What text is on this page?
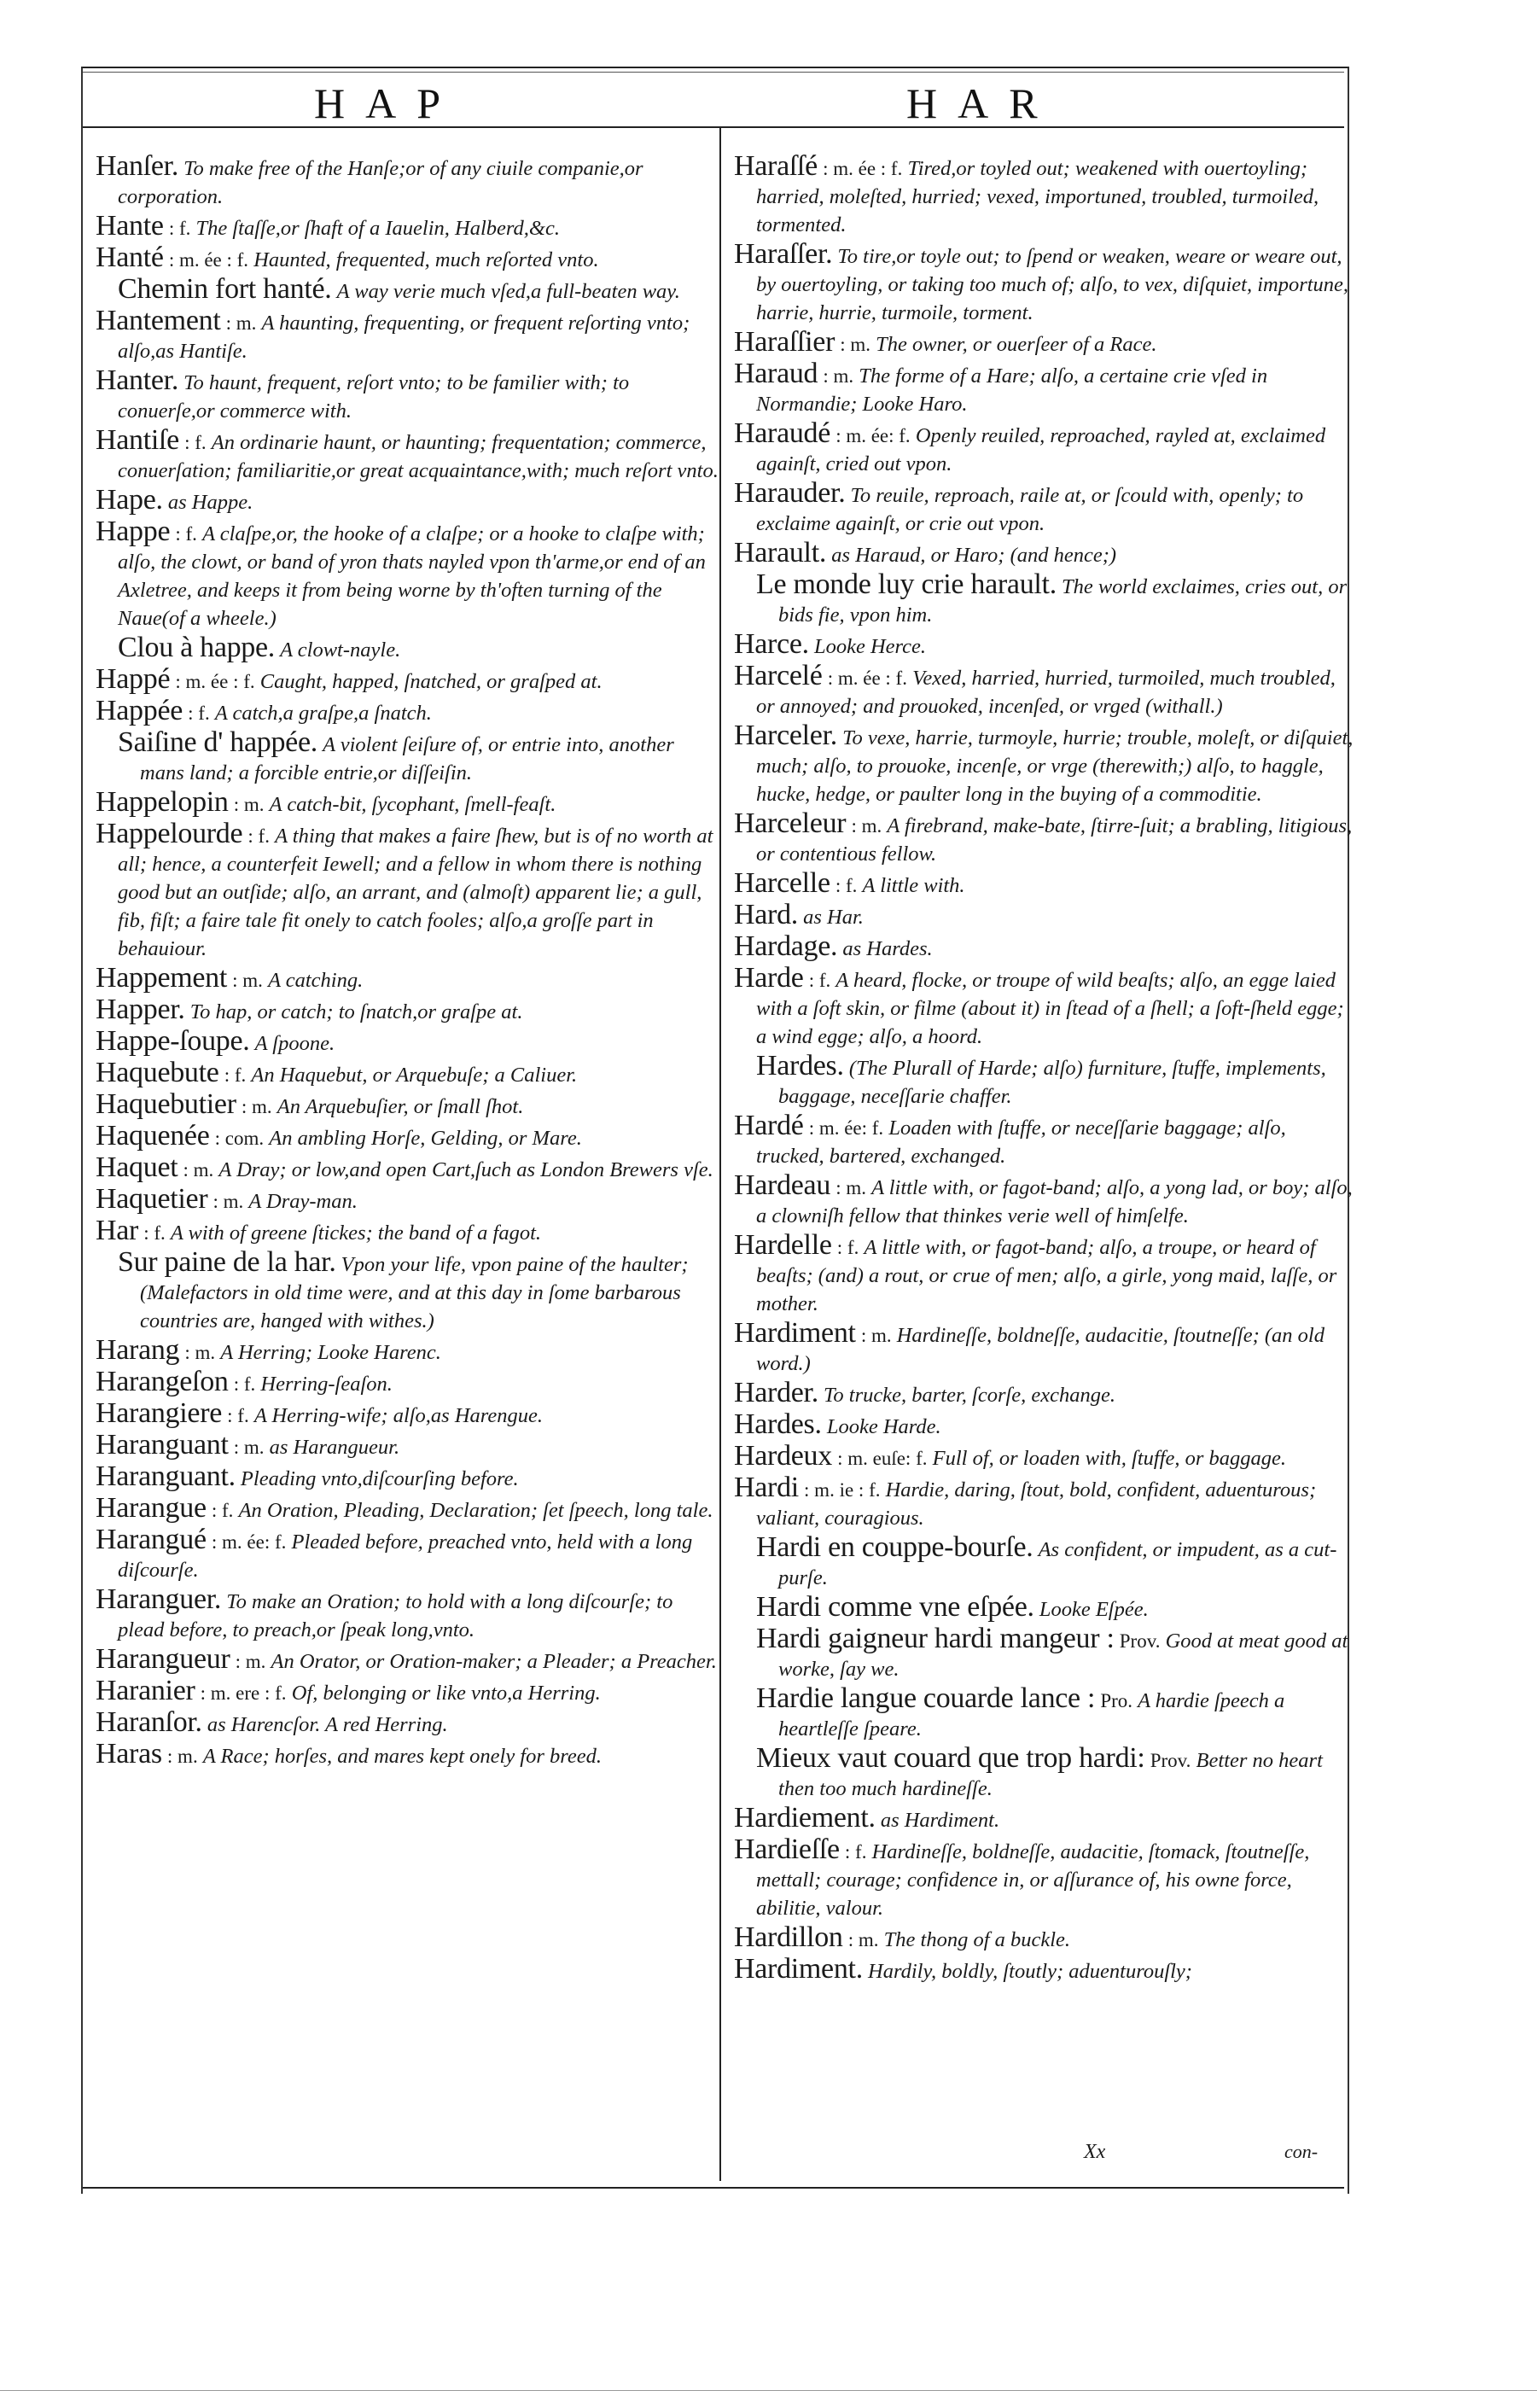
HAP	HAR

Hanſer. To make free of the Hanſe;or of any ciuile companie,or corporation.

Hante : f. The ſtaſſe,or ſhaft of a Iauelin, Halberd,&c.

Hanté : m. ée : f. Haunted, frequented, much reſorted vnto.

Chemin fort hanté. A way verie much vſed,a full-beaten way.

Hantement : m. A haunting, frequenting, or frequent reſorting vnto; alſo,as Hantiſe.

Hanter. To haunt, frequent, reſort vnto; to be familier with; to conuerſe,or commerce with.

Hantiſe : f. An ordinarie haunt, or haunting; frequentation; commerce, conuerſation; familiaritie,or great acquaintance,with; much reſort vnto.

Hape. as Happe.

Happe : f. A claſpe,or, the hooke of a claſpe; or a hooke to claſpe with; alſo, the clowt, or band of yron thats nayled vpon th'arme,or end of an Axletree, and keeps it from being worne by th'often turning of the Naue(of a wheele.)

Clou à happe. A clowt-nayle.

Happé : m. ée : f. Caught, happed, ſnatched, or graſped at.

Happée : f. A catch,a graſpe,a ſnatch.

Saiſine d' happée. A violent ſeiſure of, or entrie into, another mans land; a forcible entrie,or diſſeiſin.

Happelopin : m. A catch-bit, ſycophant, ſmell-feaſt.

Happelourde : f. A thing that makes a faire ſhew, but is of no worth at all; hence, a counterfeit Iewell; and a fellow in whom there is nothing good but an outſide; alſo, an arrant, and (almoſt) apparent lie; a gull, fib, fiſt; a faire tale fit onely to catch fooles; alſo,a groſſe part in behauiour.

Happement : m. A catching.

Happer. To hap, or catch; to ſnatch,or graſpe at.

Happe-ſoupe. A ſpoone.

Haquebute : f. An Haquebut, or Arquebuſe; a Caliuer.

Haquebutier : m. An Arquebuſier, or ſmall ſhot.

Haquenée : com. An ambling Horſe, Gelding, or Mare.

Haquet : m. A Dray; or low,and open Cart,ſuch as London Brewers vſe.

Haquetier : m. A Dray-man.

Har : f. A with of greene ſtickes; the band of a fagot.

Sur paine de la har. Vpon your life, vpon paine of the haulter; (Malefactors in old time were, and at this day in ſome barbarous countries are, hanged with withes.)

Harang : m. A Herring; Looke Harenc.

Harangeſon : f. Herring-ſeaſon.

Harangiere : f. A Herring-wife; alſo,as Harengue.

Haranguant : m. as Harangueur.

Haranguant. Pleading vnto,diſcourſing before.

Harangue : f. An Oration, Pleading, Declaration; ſet ſpeech, long tale.

Harangué : m. ée: f. Pleaded before, preached vnto, held with a long diſcourſe.

Haranguer. To make an Oration; to hold with a long diſcourſe; to plead before, to preach,or ſpeak long,vnto.

Harangueur : m. An Orator, or Oration-maker; a Pleader; a Preacher.

Haranier : m. ere : f. Of, belonging or like vnto,a Herring.

Haranſor. as Harencſor. A red Herring.

Haras : m. A Race; horſes, and mares kept onely for breed.

Haraſſé : m. ée : f. Tired,or toyled out; weakened with ouertoyling; harried, moleſted, hurried; vexed, importuned, troubled, turmoiled, tormented.

Haraſſer. To tire,or toyle out; to ſpend or weaken, weare or weare out, by ouertoyling, or taking too much of; alſo, to vex, diſquiet, importune, harrie, hurrie, turmoile, torment.

Haraſſier : m. The owner, or ouerſeer of a Race.

Haraud : m. The forme of a Hare; alſo, a certaine crie vſed in Normandie; Looke Haro.

Haraudé : m. ée: f. Openly reuiled, reproached, rayled at, exclaimed againſt, cried out vpon.

Harauder. To reuile, reproach, raile at, or ſcould with, openly; to exclaime againſt, or crie out vpon.

Harault. as Haraud, or Haro; (and hence;)

Le monde luy crie harault. The world exclaimes, cries out, or bids fie, vpon him.

Harce. Looke Herce.

Harcelé : m. ée : f. Vexed, harried, hurried, turmoiled, much troubled, or annoyed; and prouoked, incenſed, or vrged (withall.)

Harceler. To vexe, harrie, turmoyle, hurrie; trouble, moleſt, or diſquiet, much; alſo, to prouoke, incenſe, or vrge (therewith;) alſo, to haggle, hucke, hedge, or paulter long in the buying of a commoditie.

Harceleur : m. A firebrand, make-bate, ſtirre-ſuit; a brabling, litigious, or contentious fellow.

Harcelle : f. A little with.

Hard. as Har.

Hardage. as Hardes.

Harde : f. A heard, flocke, or troupe of wild beaſts; alſo, an egge laied with a ſoft skin, or filme (about it) in ſtead of a ſhell; a ſoft-ſheld egge; a wind egge; alſo, a hoord.

Hardes. (The Plurall of Harde; alſo) furniture, ſtuffe, implements, baggage, neceſſarie chaffer.

Hardé : m. ée: f. Loaden with ſtuffe, or neceſſarie baggage; alſo, trucked, bartered, exchanged.

Hardeau : m. A little with, or fagot-band; alſo, a yong lad, or boy; alſo, a clowniſh fellow that thinkes verie well of himſelfe.

Hardelle : f. A little with, or fagot-band; alſo, a troupe, or heard of beaſts; (and) a rout, or crue of men; alſo, a girle, yong maid, laſſe, or mother.

Hardiment : m. Hardineſſe, boldneſſe, audacitie, ſtoutneſſe; (an old word.)

Harder. To trucke, barter, ſcorſe, exchange.

Hardes. Looke Harde.

Hardeux : m. euſe: f. Full of, or loaden with, ſtuffe, or baggage.

Hardi : m. ie : f. Hardie, daring, ſtout, bold, confident, aduenturous; valiant, couragious.

Hardi en couppe-bourſe. As confident, or impudent, as a cut-purſe.

Hardi comme vne eſpée. Looke Eſpée.

Hardi gaigneur hardi mangeur : Prov. Good at meat good at worke, ſay we.

Hardie langue couarde lance : Pro. A hardie ſpeech a heartleſſe ſpeare.

Mieux vaut couard que trop hardi: Prov. Better no heart then too much hardineſſe.

Hardiement. as Hardiment.

Hardieſſe : f. Hardineſſe, boldneſſe, audacitie, ſtomack, ſtoutneſſe, mettall; courage; confidence in, or aſſurance of, his owne force, abilitie, valour.

Hardillon : m. The thong of a buckle.

Hardiment. Hardily, boldly, ſtoutly; aduenturouſly;

Xx	con-
